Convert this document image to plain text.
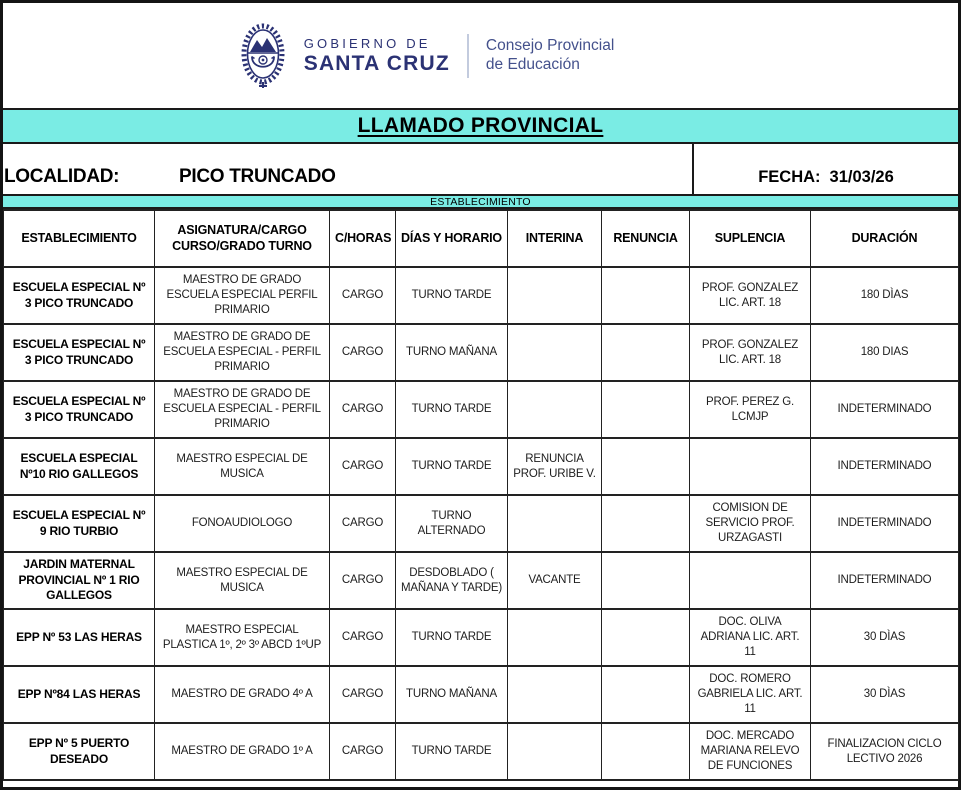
GOBIERNO DE
SANTA CRUZ
Consejo Provincial
de Educación
LLAMADO PROVINCIAL
LOCALIDAD:	PICO TRUNCADO	FECHA: 31/03/26
ESTABLECIMIENTO
ESTABLECIMIENTO	ASIGNATURA/CARGO CURSO/GRADO TURNO	C/HORAS	DÍAS Y HORARIO	INTERINA	RENUNCIA	SUPLENCIA	DURACIÓN
ESCUELA ESPECIAL Nº 3 PICO TRUNCADO	MAESTRO DE GRADO ESCUELA ESPECIAL PERFIL PRIMARIO	CARGO	TURNO TARDE			PROF. GONZALEZ LIC. ART. 18	180 DÌAS
ESCUELA ESPECIAL Nº 3 PICO TRUNCADO	MAESTRO DE GRADO DE ESCUELA ESPECIAL - PERFIL PRIMARIO	CARGO	TURNO MAÑANA			PROF. GONZALEZ LIC. ART. 18	180 DIAS
ESCUELA ESPECIAL Nº 3 PICO TRUNCADO	MAESTRO DE GRADO DE ESCUELA ESPECIAL - PERFIL PRIMARIO	CARGO	TURNO TARDE			PROF. PEREZ G. LCMJP	INDETERMINADO
ESCUELA ESPECIAL Nº10 RIO GALLEGOS	MAESTRO ESPECIAL DE MUSICA	CARGO	TURNO TARDE	RENUNCIA PROF. URIBE V.			INDETERMINADO
ESCUELA ESPECIAL Nº 9 RIO TURBIO	FONOAUDIOLOGO	CARGO	TURNO ALTERNADO			COMISION DE SERVICIO PROF. URZAGASTI	INDETERMINADO
JARDIN MATERNAL PROVINCIAL Nº 1 RIO GALLEGOS	MAESTRO ESPECIAL DE MUSICA	CARGO	DESDOBLADO ( MAÑANA Y TARDE)	VACANTE			INDETERMINADO
EPP Nº 53 LAS HERAS	MAESTRO ESPECIAL PLASTICA 1º, 2º 3º ABCD 1ºUP	CARGO	TURNO TARDE			DOC. OLIVA ADRIANA LIC. ART. 11	30 DÌAS
EPP Nº84 LAS HERAS	MAESTRO DE GRADO 4º A	CARGO	TURNO MAÑANA			DOC. ROMERO GABRIELA LIC. ART. 11	30 DÌAS
EPP Nº 5 PUERTO DESEADO	MAESTRO DE GRADO 1º A	CARGO	TURNO TARDE			DOC. MERCADO MARIANA RELEVO DE FUNCIONES	FINALIZACION CICLO LECTIVO 2026
